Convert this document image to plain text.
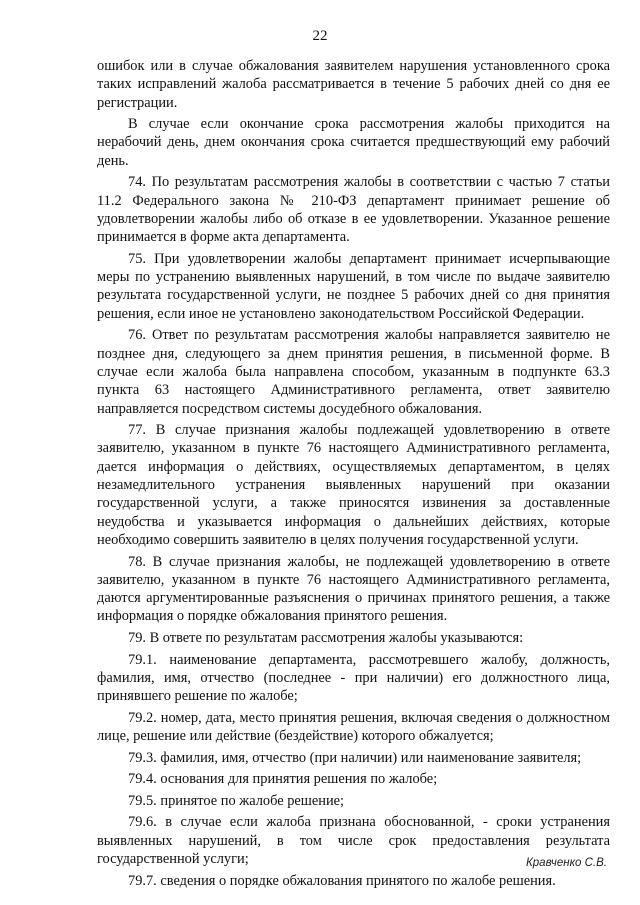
22

ошибок или в случае обжалования заявителем нарушения установленного срока таких исправлений жалоба рассматривается в течение 5 рабочих дней со дня ее регистрации.

В случае если окончание срока рассмотрения жалобы приходится на нерабочий день, днем окончания срока считается предшествующий ему рабочий день.

74. По результатам рассмотрения жалобы в соответствии с частью 7 статьи 11.2 Федерального закона № 210-ФЗ департамент принимает решение об удовлетворении жалобы либо об отказе в ее удовлетворении. Указанное решение принимается в форме акта департамента.

75. При удовлетворении жалобы департамент принимает исчерпывающие меры по устранению выявленных нарушений, в том числе по выдаче заявителю результата государственной услуги, не позднее 5 рабочих дней со дня принятия решения, если иное не установлено законодательством Российской Федерации.

76. Ответ по результатам рассмотрения жалобы направляется заявителю не позднее дня, следующего за днем принятия решения, в письменной форме. В случае если жалоба была направлена способом, указанным в подпункте 63.3 пункта 63 настоящего Административного регламента, ответ заявителю направляется посредством системы досудебного обжалования.

77. В случае признания жалобы подлежащей удовлетворению в ответе заявителю, указанном в пункте 76 настоящего Административного регламента, дается информация о действиях, осуществляемых департаментом, в целях незамедлительного устранения выявленных нарушений при оказании государственной услуги, а также приносятся извинения за доставленные неудобства и указывается информация о дальнейших действиях, которые необходимо совершить заявителю в целях получения государственной услуги.

78. В случае признания жалобы, не подлежащей удовлетворению в ответе заявителю, указанном в пункте 76 настоящего Административного регламента, даются аргументированные разъяснения о причинах принятого решения, а также информация о порядке обжалования принятого решения.

79. В ответе по результатам рассмотрения жалобы указываются:

79.1. наименование департамента, рассмотревшего жалобу, должность, фамилия, имя, отчество (последнее - при наличии) его должностного лица, принявшего решение по жалобе;

79.2. номер, дата, место принятия решения, включая сведения о должностном лице, решение или действие (бездействие) которого обжалуется;

79.3. фамилия, имя, отчество (при наличии) или наименование заявителя;

79.4. основания для принятия решения по жалобе;

79.5. принятое по жалобе решение;

79.6. в случае если жалоба признана обоснованной, - сроки устранения выявленных нарушений, в том числе срок предоставления результата государственной услуги;

79.7. сведения о порядке обжалования принятого по жалобе решения.

Кравченко С.В.
